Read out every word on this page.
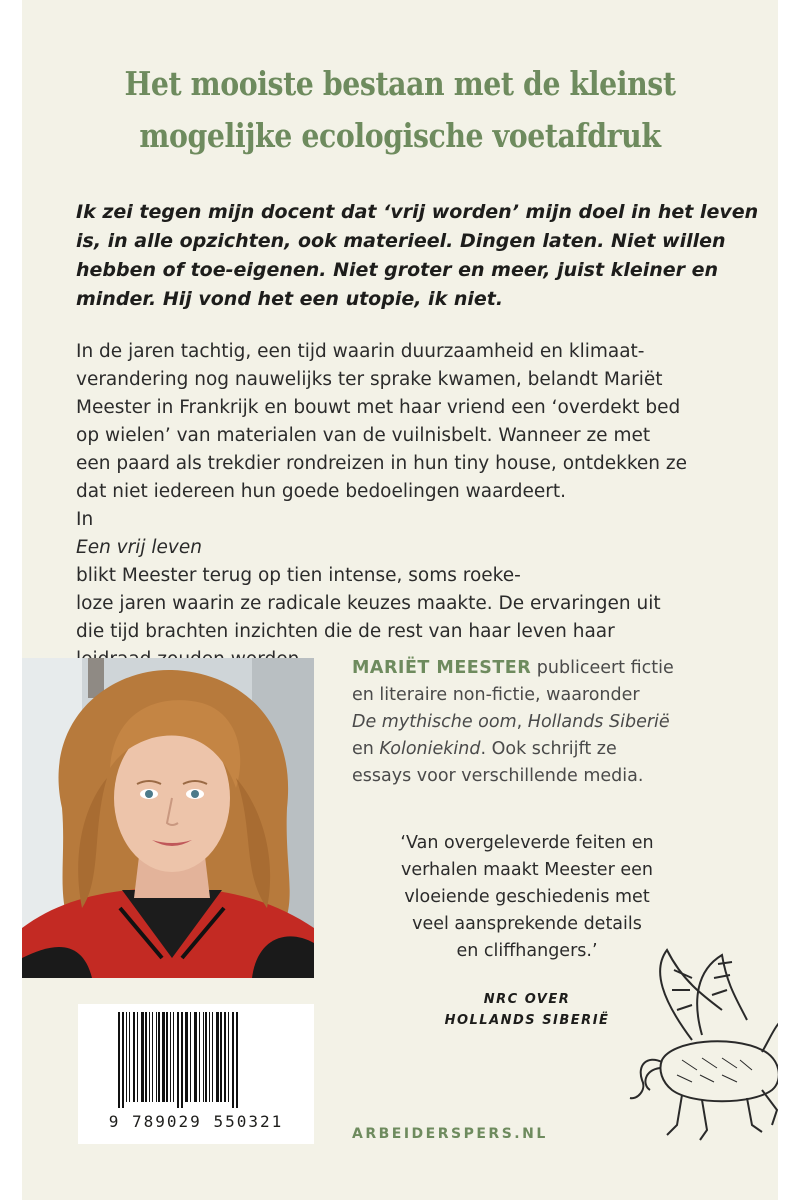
Het mooiste bestaan met de kleinst
mogelijke ecologische voetafdruk

Ik zei tegen mijn docent dat ‘vrij worden’ mijn doel in het leven
is, in alle opzichten, ook materieel. Dingen laten. Niet willen
hebben of toe-eigenen. Niet groter en meer, juist kleiner en
minder. Hij vond het een utopie, ik niet.

In de jaren tachtig, een tijd waarin duurzaamheid en klimaat-
verandering nog nauwelijks ter sprake kwamen, belandt Mariët
Meester in Frankrijk en bouwt met haar vriend een ‘overdekt bed
op wielen’ van materialen van de vuilnisbelt. Wanneer ze met
een paard als trekdier rondreizen in hun tiny house, ontdekken ze
dat niet iedereen hun goede bedoelingen waardeert.
In
Een vrij leven
blikt Meester terug op tien intense, soms roeke-
loze jaren waarin ze radicale keuzes maakte. De ervaringen uit
die tijd brachten inzichten die de rest van haar leven haar

MARIËT MEESTER publiceert fictie
en literaire non-fictie, waaronder
De mythische oom, Hollands Siberië
en Koloniekind. Ook schrijft ze
essays voor verschillende media.

‘Van overgeleverde feiten en
verhalen maakt Meester een
vloeiende geschiedenis met
veel aansprekende details
en cliffhangers.’

NRC OVER
HOLLANDS SIBERIË
9 789029 550321
ARBEIDERSPERS.NL
